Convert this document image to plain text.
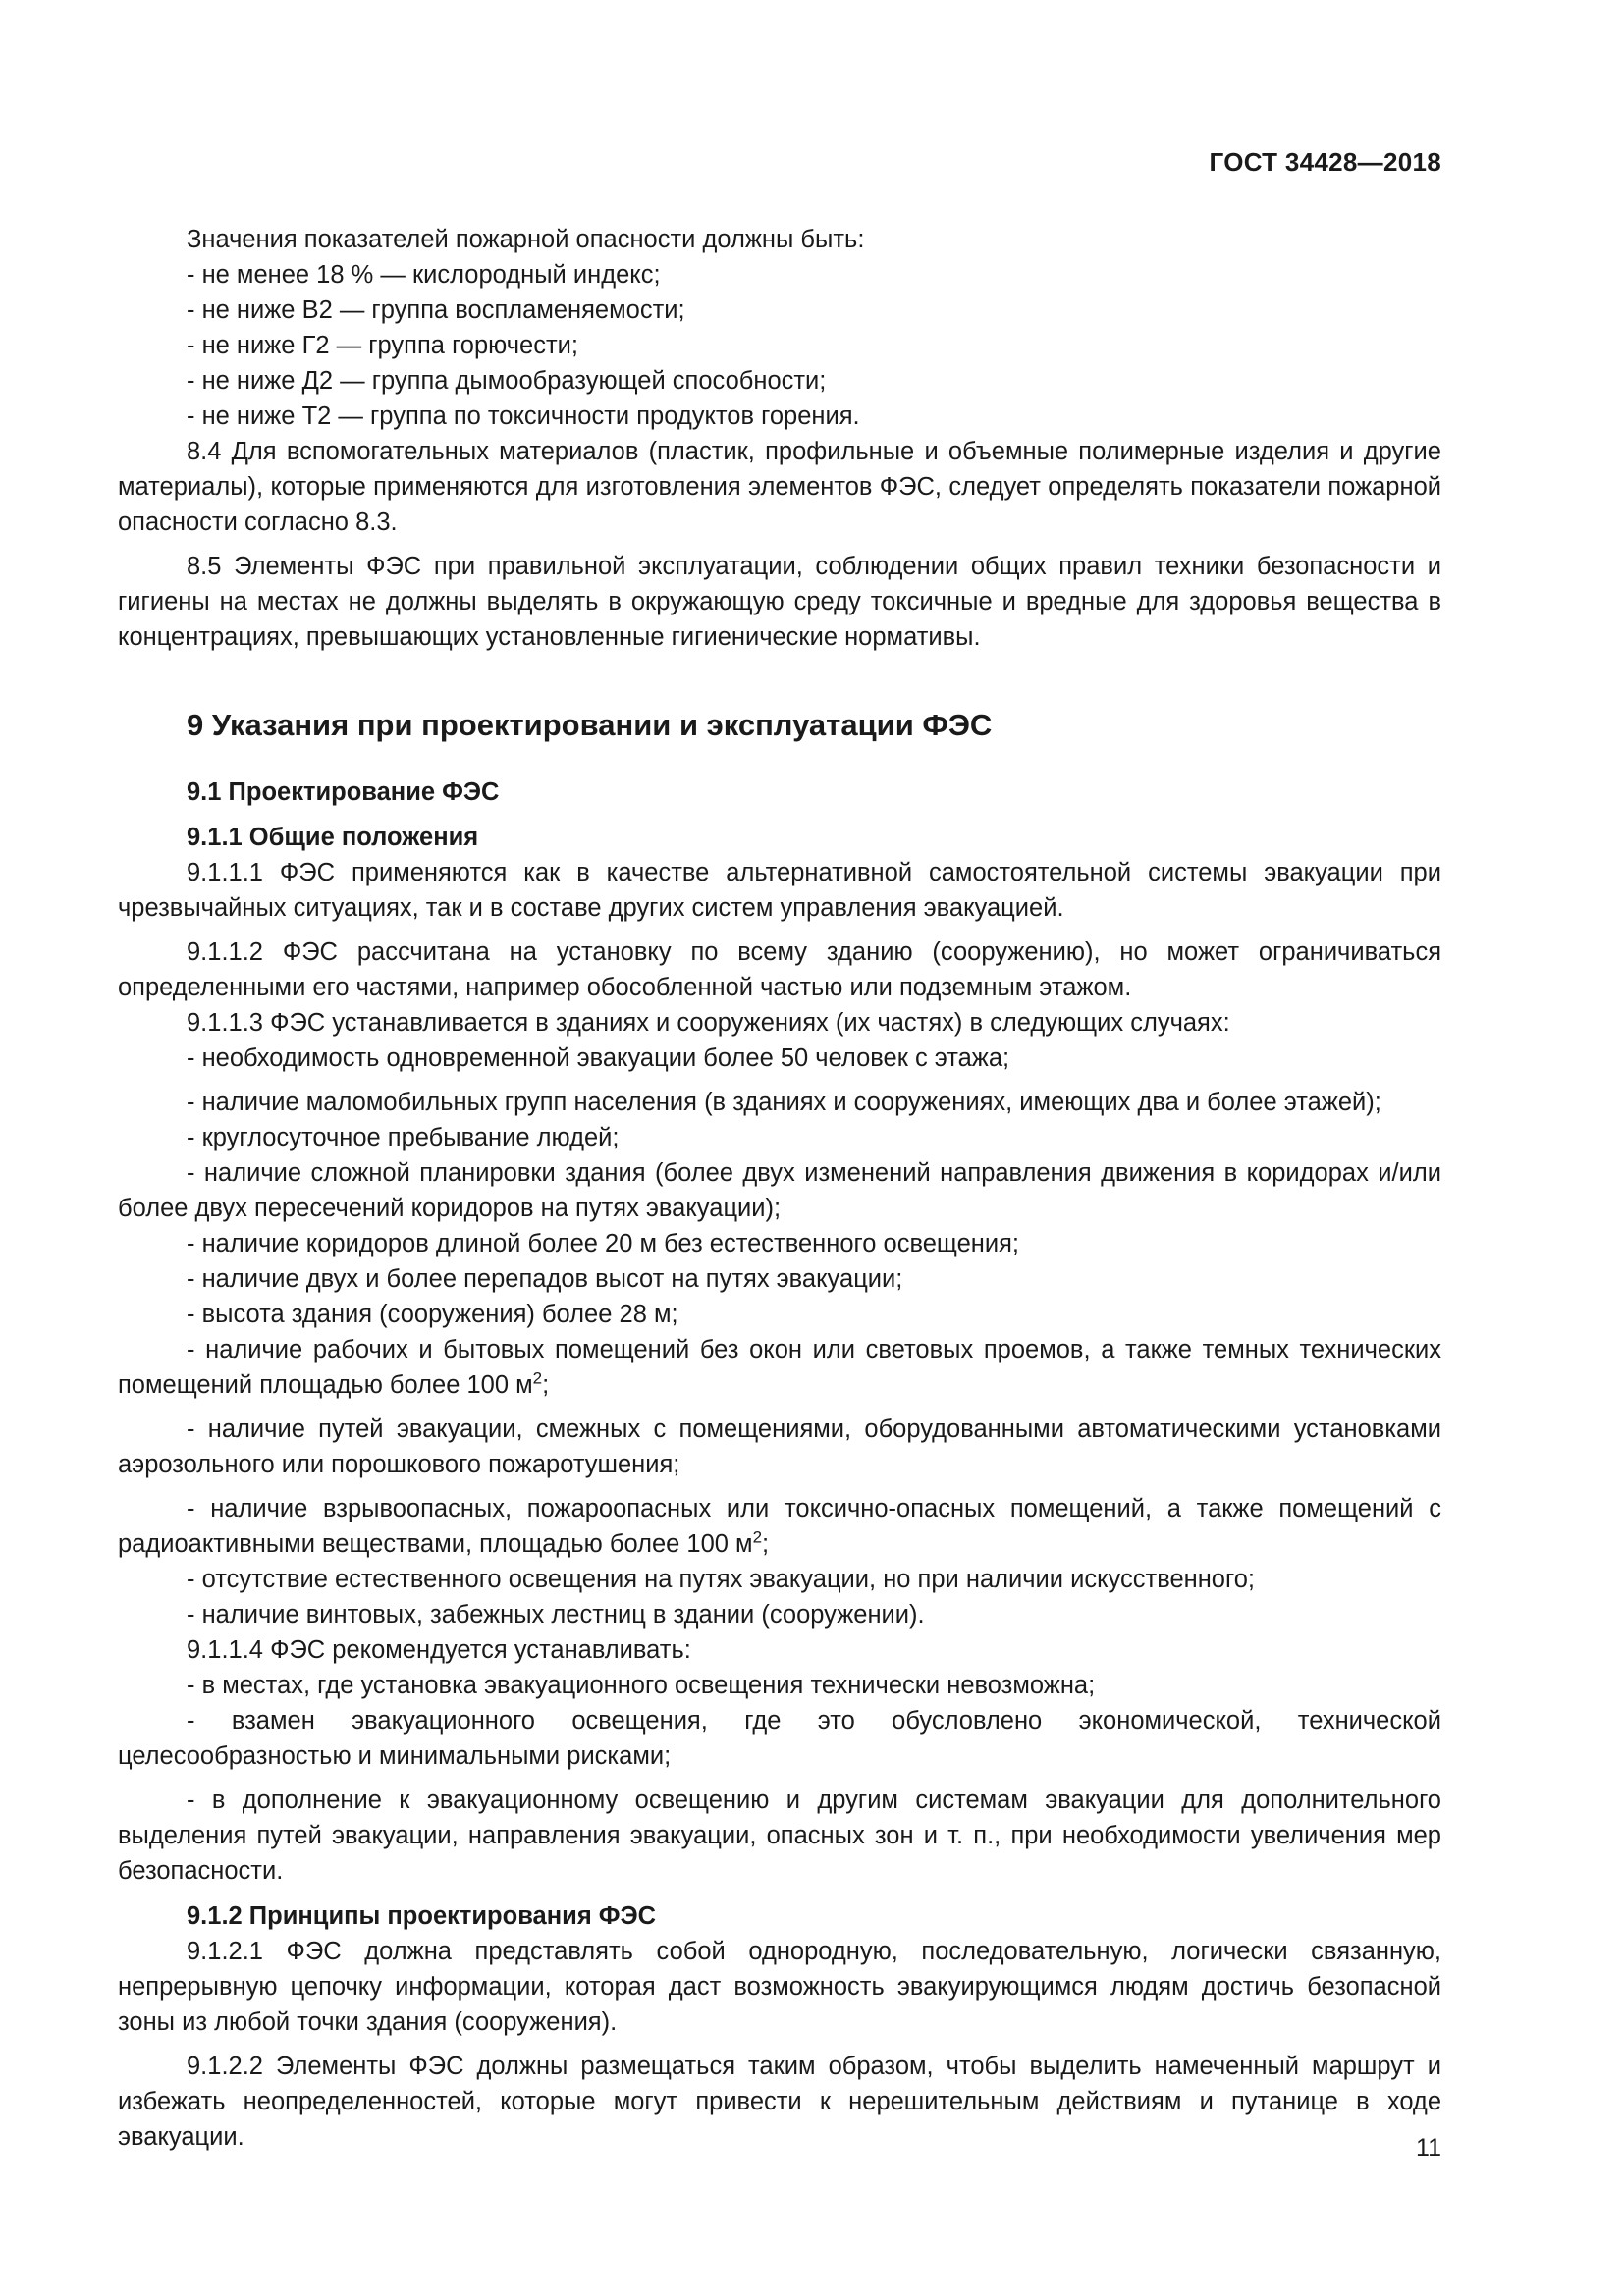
ГОСТ 34428—2018

Значения показателей пожарной опасности должны быть:

- не менее 18 % — кислородный индекс;

- не ниже В2 — группа воспламеняемости;

- не ниже Г2 — группа горючести;

- не ниже Д2 — группа дымообразующей способности;

- не ниже Т2 — группа по токсичности продуктов горения.

8.4 Для вспомогательных материалов (пластик, профильные и объемные полимерные изделия и другие материалы), которые применяются для изготовления элементов ФЭС, следует определять показатели пожарной опасности согласно 8.3.

8.5 Элементы ФЭС при правильной эксплуатации, соблюдении общих правил техники безопасности и гигиены на местах не должны выделять в окружающую среду токсичные и вредные для здоровья вещества в концентрациях, превышающих установленные гигиенические нормативы.

9 Указания при проектировании и эксплуатации ФЭС
9.1 Проектирование ФЭС
9.1.1 Общие положения

9.1.1.1 ФЭС применяются как в качестве альтернативной самостоятельной системы эвакуации при чрезвычайных ситуациях, так и в составе других систем управления эвакуацией.

9.1.1.2 ФЭС рассчитана на установку по всему зданию (сооружению), но может ограничиваться определенными его частями, например обособленной частью или подземным этажом.

9.1.1.3 ФЭС устанавливается в зданиях и сооружениях (их частях) в следующих случаях:

- необходимость одновременной эвакуации более 50 человек с этажа;

- наличие маломобильных групп населения (в зданиях и сооружениях, имеющих два и более этажей);

- круглосуточное пребывание людей;

- наличие сложной планировки здания (более двух изменений направления движения в коридорах и/или более двух пересечений коридоров на путях эвакуации);

- наличие коридоров длиной более 20 м без естественного освещения;

- наличие двух и более перепадов высот на путях эвакуации;

- высота здания (сооружения) более 28 м;

- наличие рабочих и бытовых помещений без окон или световых проемов, а также темных технических помещений площадью более 100 $м^2$;

- наличие путей эвакуации, смежных с помещениями, оборудованными автоматическими установками аэрозольного или порошкового пожаротушения;

- наличие взрывоопасных, пожароопасных или токсично-опасных помещений, а также помещений с радиоактивными веществами, площадью более 100 $м^2$;

- отсутствие естественного освещения на путях эвакуации, но при наличии искусственного;

- наличие винтовых, забежных лестниц в здании (сооружении).

9.1.1.4 ФЭС рекомендуется устанавливать:

- в местах, где установка эвакуационного освещения технически невозможна;

- взамен эвакуационного освещения, где это обусловлено экономической, технической целесообразностью и минимальными рисками;

- в дополнение к эвакуационному освещению и другим системам эвакуации для дополнительного выделения путей эвакуации, направления эвакуации, опасных зон и т. п., при необходимости увеличения мер безопасности.

9.1.2 Принципы проектирования ФЭС

9.1.2.1 ФЭС должна представлять собой однородную, последовательную, логически связанную, непрерывную цепочку информации, которая даст возможность эвакуирующимся людям достичь безопасной зоны из любой точки здания (сооружения).

9.1.2.2 Элементы ФЭС должны размещаться таким образом, чтобы выделить намеченный маршрут и избежать неопределенностей, которые могут привести к нерешительным действиям и путанице в ходе эвакуации.	11
